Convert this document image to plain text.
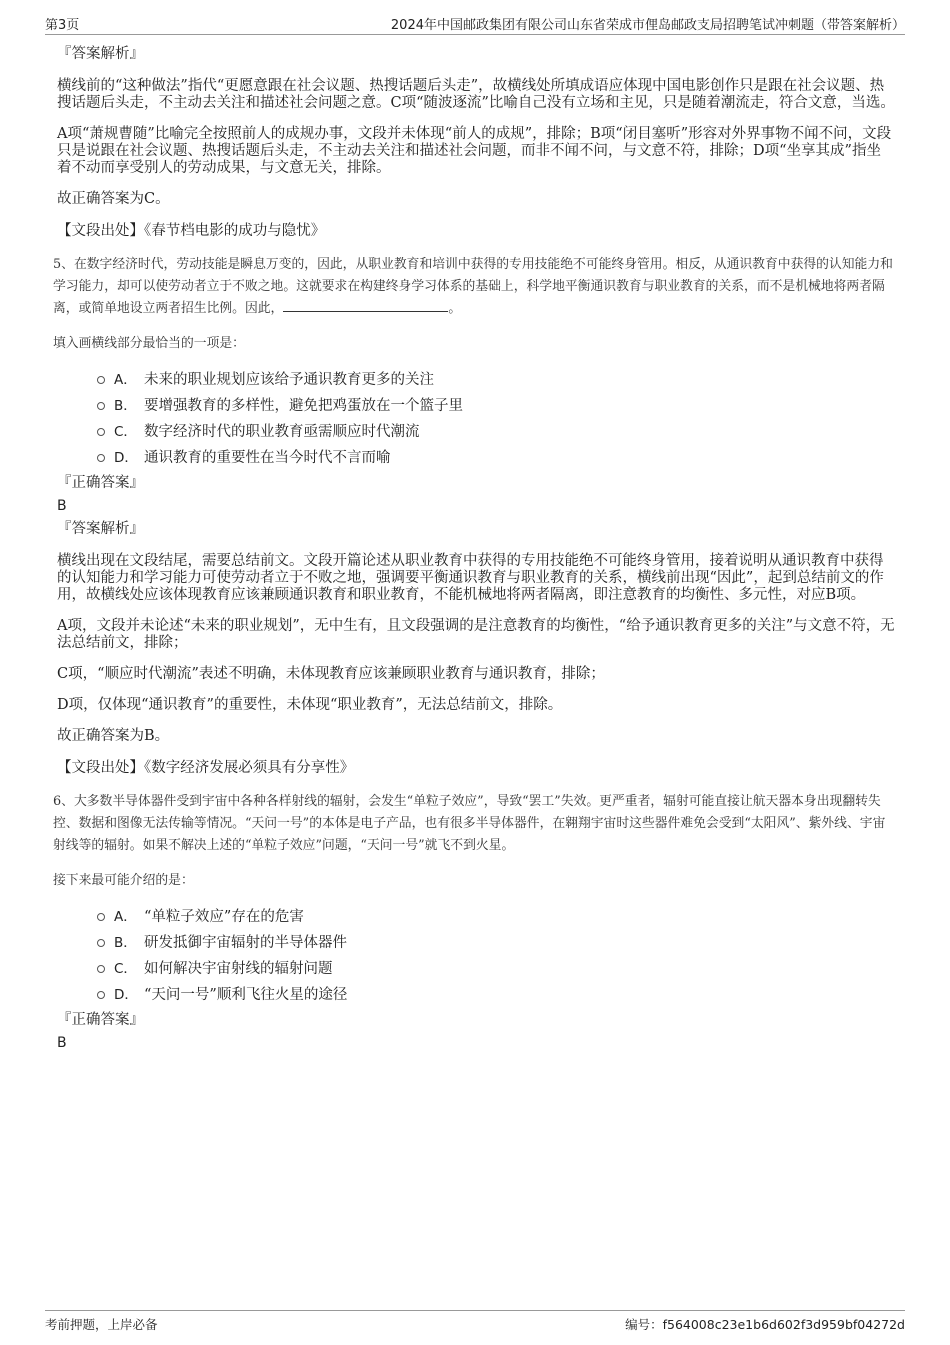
第3页	2024年中国邮政集团有限公司山东省荣成市俚岛邮政支局招聘笔试冲刺题（带答案解析）
『答案解析』

横线前的“这种做法”指代“更愿意跟在社会议题、热搜话题后头走”，故横线处所填成语应体现中国电影创作只是跟在社会议题、热搜话题后头走，不主动去关注和描述社会问题之意。C项“随波逐流”比喻自己没有立场和主见，只是随着潮流走，符合文意，当选。

A项“萧规曹随”比喻完全按照前人的成规办事，文段并未体现“前人的成规”，排除；B项“闭目塞听”形容对外界事物不闻不问，文段只是说跟在社会议题、热搜话题后头走，不主动去关注和描述社会问题，而非不闻不问，与文意不符，排除；D项“坐享其成”指坐着不动而享受别人的劳动成果，与文意无关，排除。

故正确答案为C。

【文段出处】《春节档电影的成功与隐忧》

5、在数字经济时代，劳动技能是瞬息万变的，因此，从职业教育和培训中获得的专用技能绝不可能终身管用。相反，从通识教育中获得的认知能力和学习能力，却可以使劳动者立于不败之地。这就要求在构建终身学习体系的基础上，科学地平衡通识教育与职业教育的关系，而不是机械地将两者隔离，或简单地设立两者招生比例。因此，	。
填入画横线部分最恰当的一项是：
A． 未来的职业规划应该给予通识教育更多的关注
B． 要增强教育的多样性，避免把鸡蛋放在一个篮子里
C． 数字经济时代的职业教育亟需顺应时代潮流
D． 通识教育的重要性在当今时代不言而喻
『正确答案』
B
『答案解析』

横线出现在文段结尾，需要总结前文。文段开篇论述从职业教育中获得的专用技能绝不可能终身管用，接着说明从通识教育中获得的认知能力和学习能力可使劳动者立于不败之地，强调要平衡通识教育与职业教育的关系，横线前出现“因此”，起到总结前文的作用，故横线处应该体现教育应该兼顾通识教育和职业教育，不能机械地将两者隔离，即注意教育的均衡性、多元性，对应B项。

A项，文段并未论述“未来的职业规划”，无中生有，且文段强调的是注意教育的均衡性，“给予通识教育更多的关注”与文意不符，无法总结前文，排除；

C项，“顺应时代潮流”表述不明确，未体现教育应该兼顾职业教育与通识教育，排除；

D项，仅体现“通识教育”的重要性，未体现“职业教育”，无法总结前文，排除。

故正确答案为B。

【文段出处】《数字经济发展必须具有分享性》

6、大多数半导体器件受到宇宙中各种各样射线的辐射，会发生“单粒子效应”，导致“罢工”失效。更严重者，辐射可能直接让航天器本身出现翻转失控、数据和图像无法传输等情况。“天问一号”的本体是电子产品，也有很多半导体器件，在翱翔宇宙时这些器件难免会受到“太阳风”、紫外线、宇宙射线等的辐射。如果不解决上述的“单粒子效应”问题，“天问一号”就飞不到火星。
接下来最可能介绍的是：
A． “单粒子效应”存在的危害
B． 研发抵御宇宙辐射的半导体器件
C． 如何解决宇宙射线的辐射问题
D． “天问一号”顺利飞往火星的途径
『正确答案』
B
考前押题，上岸必备	编号：f564008c23e1b6d602f3d959bf04272d
